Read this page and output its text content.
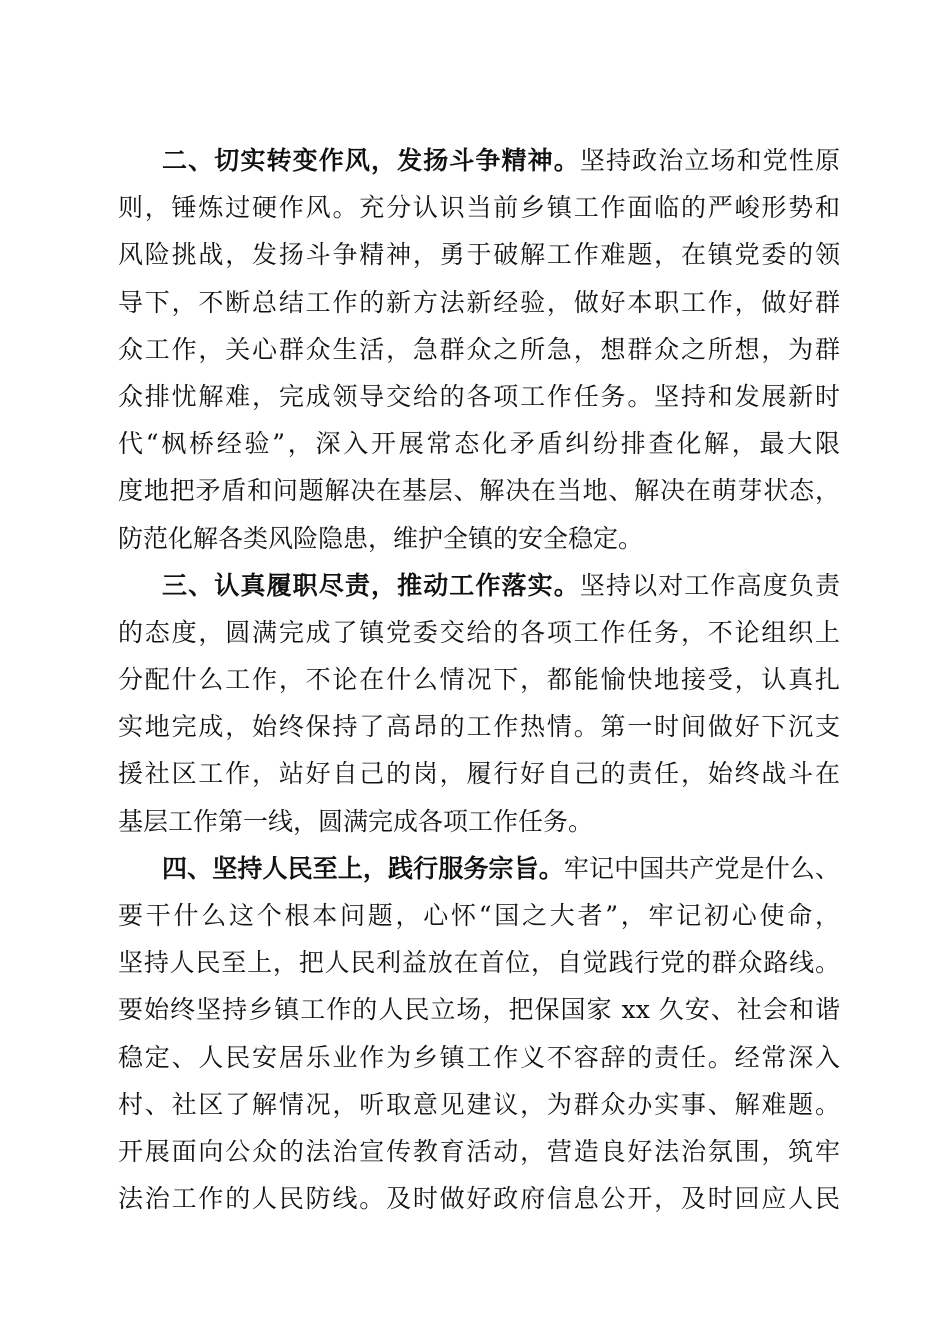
二、切实转变作风，发扬斗争精神。坚持政治立场和党性原
则，锤炼过硬作风。充分认识当前乡镇工作面临的严峻形势和
风险挑战，发扬斗争精神，勇于破解工作难题，在镇党委的领
导下，不断总结工作的新方法新经验，做好本职工作，做好群
众工作，关心群众生活，急群众之所急，想群众之所想，为群
众排忧解难，完成领导交给的各项工作任务。坚持和发展新时
代“枫桥经验”，深入开展常态化矛盾纠纷排查化解，最大限
度地把矛盾和问题解决在基层、解决在当地、解决在萌芽状态，
防范化解各类风险隐患，维护全镇的安全稳定。
三、认真履职尽责，推动工作落实。坚持以对工作高度负责
的态度，圆满完成了镇党委交给的各项工作任务，不论组织上
分配什么工作，不论在什么情况下，都能愉快地接受，认真扎
实地完成，始终保持了高昂的工作热情。第一时间做好下沉支
援社区工作，站好自己的岗，履行好自己的责任，始终战斗在
基层工作第一线，圆满完成各项工作任务。
四、坚持人民至上，践行服务宗旨。牢记中国共产党是什么、
要干什么这个根本问题，心怀“国之大者”，牢记初心使命，
坚持人民至上，把人民利益放在首位，自觉践行党的群众路线。
要始终坚持乡镇工作的人民立场，把保国家 xx 久安、社会和谐
稳定、人民安居乐业作为乡镇工作义不容辞的责任。经常深入
村、社区了解情况，听取意见建议，为群众办实事、解难题。
开展面向公众的法治宣传教育活动，营造良好法治氛围，筑牢
法治工作的人民防线。及时做好政府信息公开，及时回应人民
